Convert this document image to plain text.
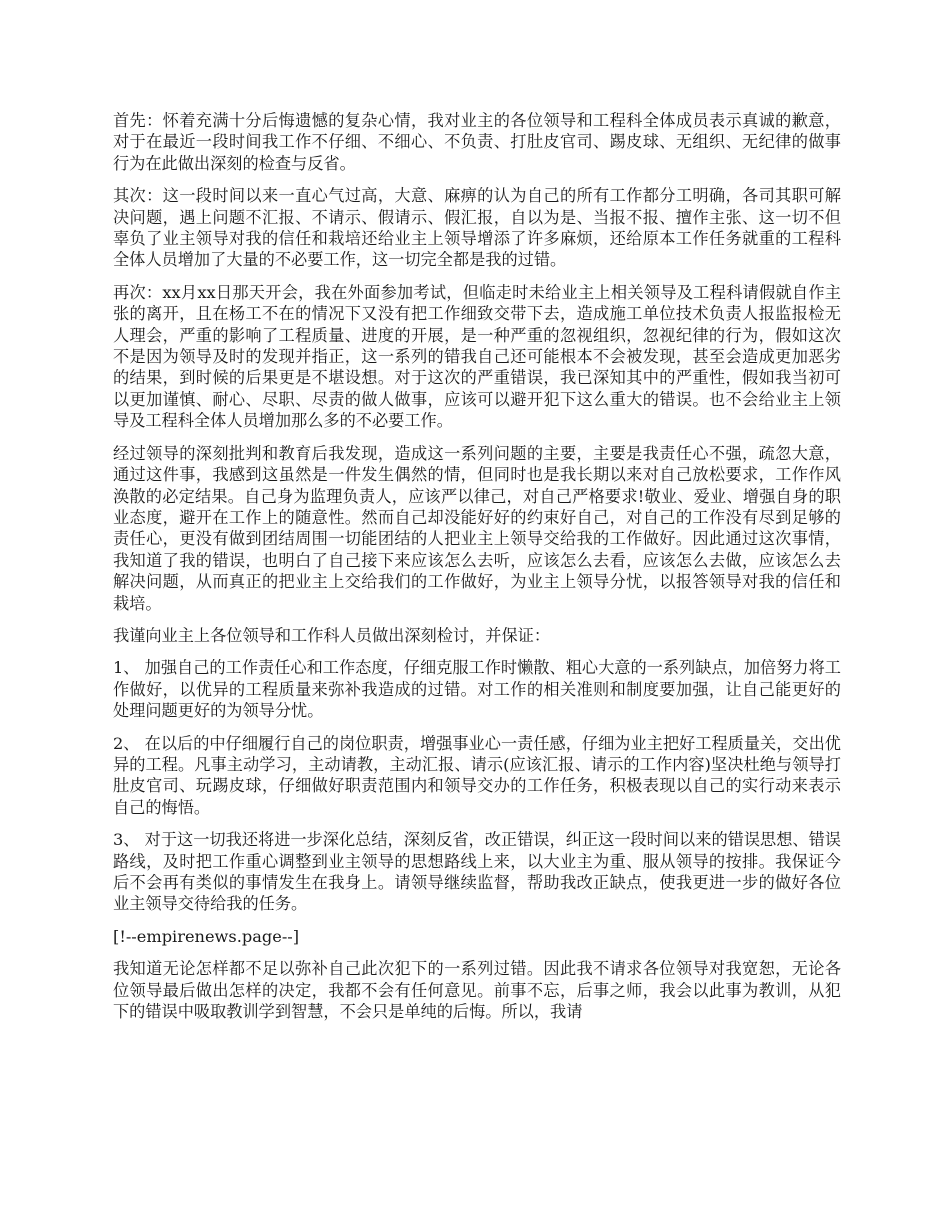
首先：怀着充满十分后悔遗憾的复杂心情，我对业主的各位领导和工程科全体成员表示真诚的歉意，对于在最近一段时间我工作不仔细、不细心、不负责、打肚皮官司、踢皮球、无组织、无纪律的做事行为在此做出深刻的检查与反省。

其次：这一段时间以来一直心气过高，大意、麻痹的认为自己的所有工作都分工明确，各司其职可解决问题，遇上问题不汇报、不请示、假请示、假汇报，自以为是、当报不报、擅作主张、这一切不但辜负了业主领导对我的信任和栽培还给业主上领导增添了许多麻烦，还给原本工作任务就重的工程科全体人员增加了大量的不必要工作，这一切完全都是我的过错。

再次：xx月xx日那天开会，我在外面参加考试，但临走时未给业主上相关领导及工程科请假就自作主张的离开，且在杨工不在的情况下又没有把工作细致交带下去，造成施工单位技术负责人报监报检无人理会，严重的影响了工程质量、进度的开展，是一种严重的忽视组织，忽视纪律的行为，假如这次不是因为领导及时的发现并指正，这一系列的错我自己还可能根本不会被发现，甚至会造成更加恶劣的结果，到时候的后果更是不堪设想。对于这次的严重错误，我已深知其中的严重性，假如我当初可以更加谨慎、耐心、尽职、尽责的做人做事，应该可以避开犯下这么重大的错误。也不会给业主上领导及工程科全体人员增加那么多的不必要工作。

经过领导的深刻批判和教育后我发现，造成这一系列问题的主要，主要是我责任心不强，疏忽大意，通过这件事，我感到这虽然是一件发生偶然的情，但同时也是我长期以来对自己放松要求，工作作风涣散的必定结果。自己身为监理负责人，应该严以律己，对自己严格要求!敬业、爱业、增强自身的职业态度，避开在工作上的随意性。然而自己却没能好好的约束好自己，对自己的工作没有尽到足够的责任心，更没有做到团结周围一切能团结的人把业主上领导交给我的工作做好。因此通过这次事情，我知道了我的错误，也明白了自己接下来应该怎么去听，应该怎么去看，应该怎么去做，应该怎么去解决问题，从而真正的把业主上交给我们的工作做好，为业主上领导分忧，以报答领导对我的信任和栽培。

我谨向业主上各位领导和工作科人员做出深刻检讨，并保证：

1、 加强自己的工作责任心和工作态度，仔细克服工作时懒散、粗心大意的一系列缺点，加倍努力将工作做好，以优异的工程质量来弥补我造成的过错。对工作的相关准则和制度要加强，让自己能更好的处理问题更好的为领导分忧。

2、 在以后的中仔细履行自己的岗位职责，增强事业心一责任感，仔细为业主把好工程质量关，交出优异的工程。凡事主动学习，主动请教，主动汇报、请示(应该汇报、请示的工作内容)坚决杜绝与领导打肚皮官司、玩踢皮球，仔细做好职责范围内和领导交办的工作任务，积极表现以自己的实行动来表示自己的悔悟。

3、 对于这一切我还将进一步深化总结，深刻反省，改正错误，纠正这一段时间以来的错误思想、错误路线，及时把工作重心调整到业主领导的思想路线上来，以大业主为重、服从领导的按排。我保证今后不会再有类似的事情发生在我身上。请领导继续监督，帮助我改正缺点，使我更进一步的做好各位业主领导交待给我的任务。

[!--empirenews.page--]

我知道无论怎样都不足以弥补自己此次犯下的一系列过错。因此我不请求各位领导对我宽恕，无论各位领导最后做出怎样的决定，我都不会有任何意见。前事不忘，后事之师，我会以此事为教训，从犯下的错误中吸取教训学到智慧，不会只是单纯的后悔。所以，我请
